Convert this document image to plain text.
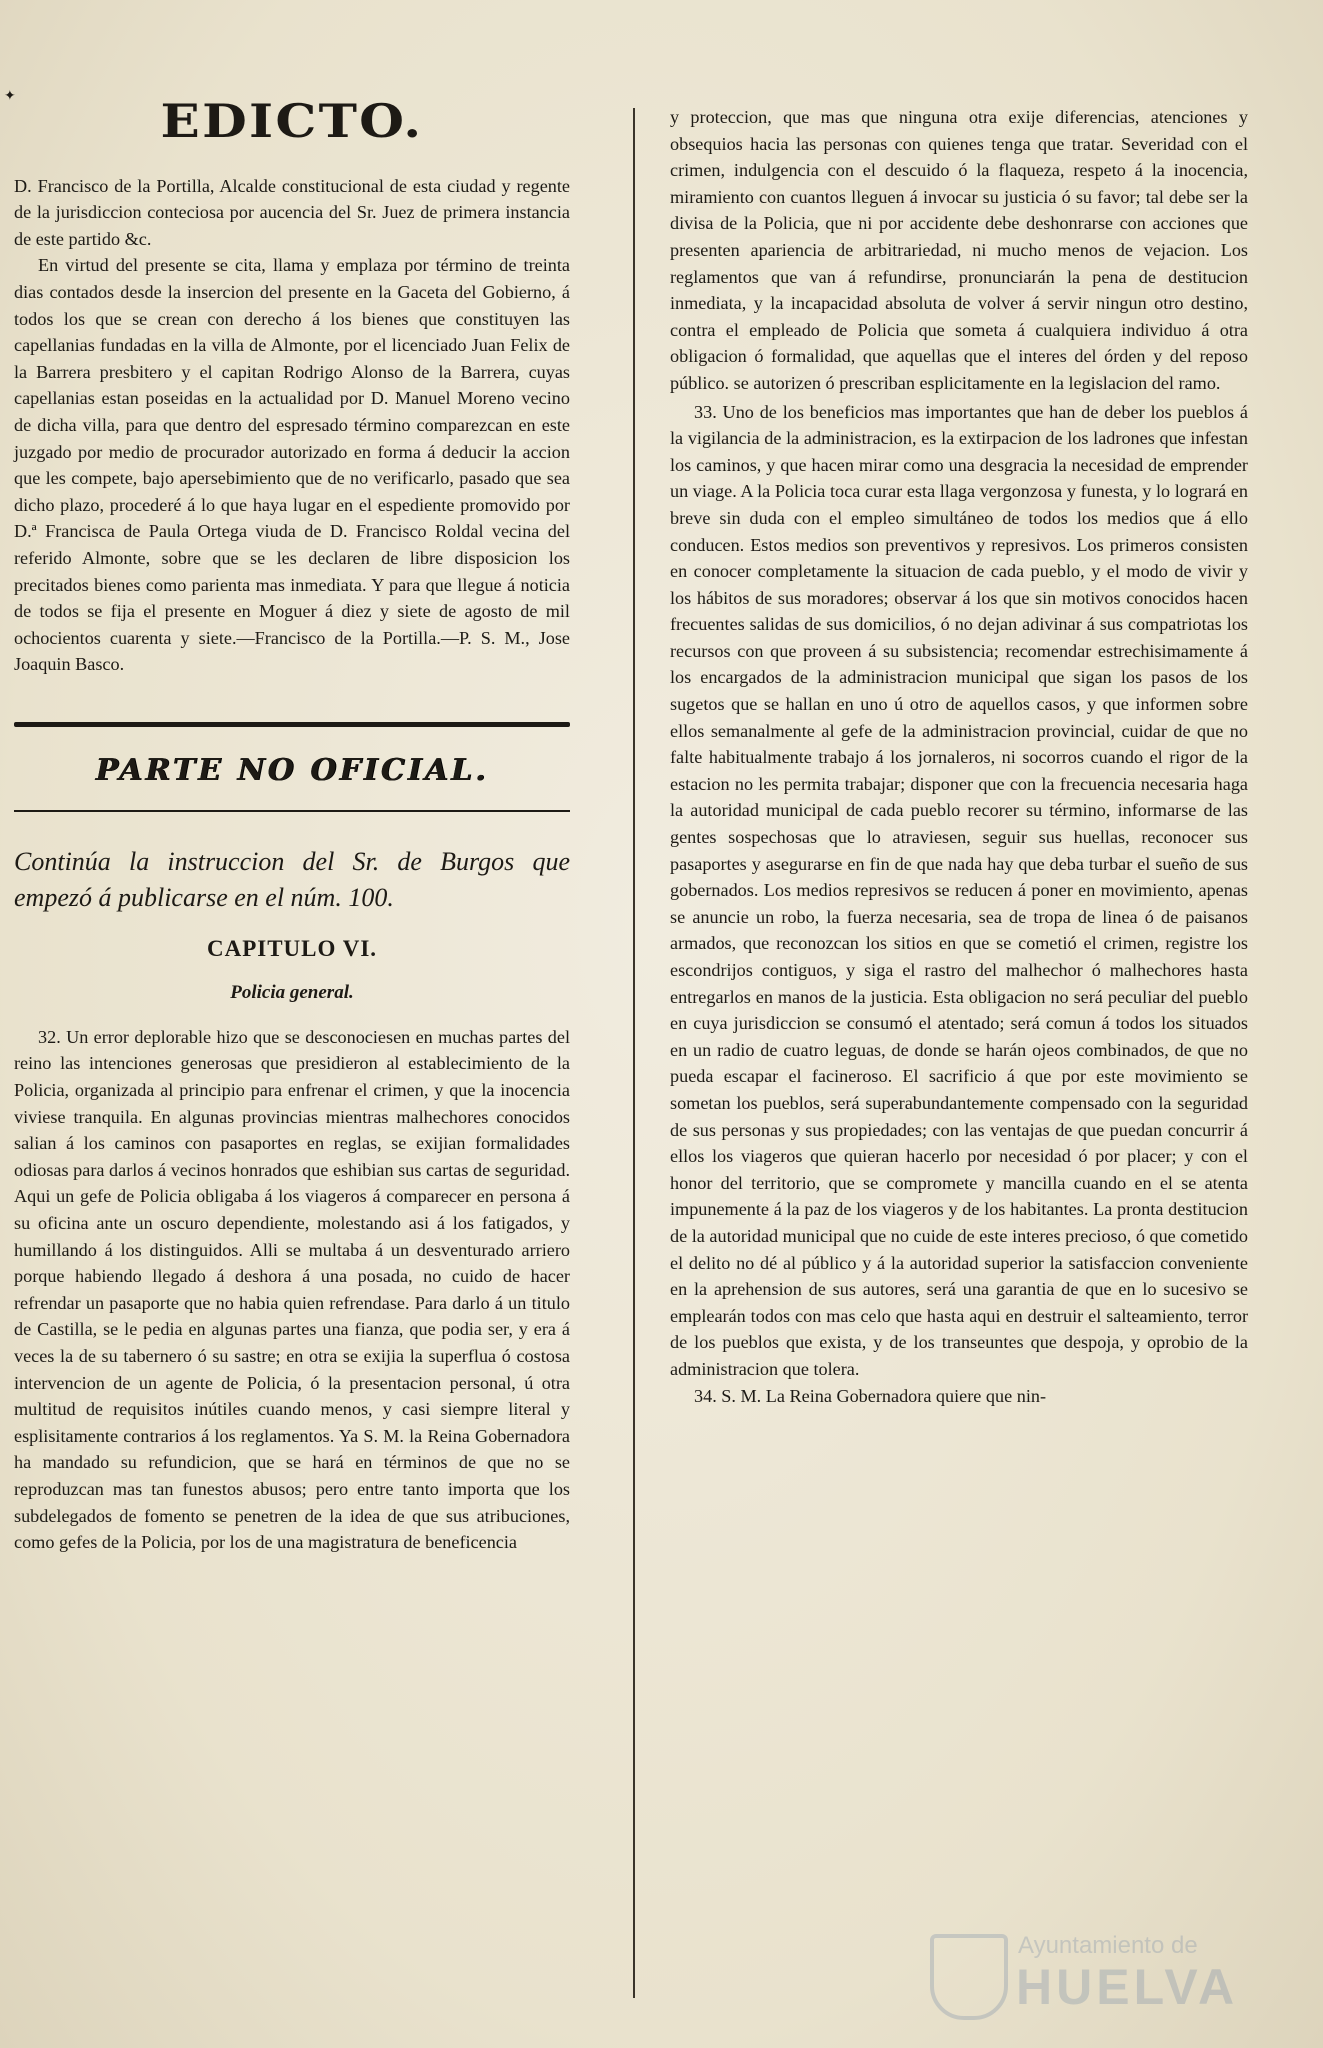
✦	EDICTO.

D. Francisco de la Portilla, Alcalde constitucional de esta ciudad y regente de la jurisdiccion conteciosa por aucencia del Sr. Juez de primera instancia de este partido &c.

En virtud del presente se cita, llama y emplaza por término de treinta dias contados desde la insercion del presente en la Gaceta del Gobierno, á todos los que se crean con derecho á los bienes que constituyen las capellanias fundadas en la villa de Almonte, por el licenciado Juan Felix de la Barrera presbitero y el capitan Rodrigo Alonso de la Barrera, cuyas capellanias estan poseidas en la actualidad por D. Manuel Moreno vecino de dicha villa, para que dentro del espresado término comparezcan en este juzgado por medio de procurador autorizado en forma á deducir la accion que les compete, bajo apersebimiento que de no verificarlo, pasado que sea dicho plazo, procederé á lo que haya lugar en el espediente promovido por D.ª Francisca de Paula Ortega viuda de D. Francisco Roldal vecina del referido Almonte, sobre que se les declaren de libre disposicion los precitados bienes como parienta mas inmediata. Y para que llegue á noticia de todos se fija el presente en Moguer á diez y siete de agosto de mil ochocientos cuarenta y siete.—Francisco de la Portilla.—P. S. M., Jose Joaquin Basco.

PARTE NO OFICIAL.

Continúa la instruccion del Sr. de Burgos que empezó á publicarse en el núm. 100.

CAPITULO VI.
Policia general.

32. Un error deplorable hizo que se desconociesen en muchas partes del reino las intenciones generosas que presidieron al establecimiento de la Policia, organizada al principio para enfrenar el crimen, y que la inocencia viviese tranquila. En algunas provincias mientras malhechores conocidos salian á los caminos con pasaportes en reglas, se exijian formalidades odiosas para darlos á vecinos honrados que eshibian sus cartas de seguridad. Aqui un gefe de Policia obligaba á los viageros á comparecer en persona á su oficina ante un oscuro dependiente, molestando asi á los fatigados, y humillando á los distinguidos. Alli se multaba á un desventurado arriero porque habiendo llegado á deshora á una posada, no cuido de hacer refrendar un pasaporte que no habia quien refrendase. Para darlo á un titulo de Castilla, se le pedia en algunas partes una fianza, que podia ser, y era á veces la de su tabernero ó su sastre; en otra se exijia la superflua ó costosa intervencion de un agente de Policia, ó la presentacion personal, ú otra multitud de requisitos inútiles cuando menos, y casi siempre literal y esplisitamente contrarios á los reglamentos. Ya S. M. la Reina Gobernadora ha mandado su refundicion, que se hará en términos de que no se reproduzcan mas tan funestos abusos; pero entre tanto importa que los subdelegados de fomento se penetren de la idea de que sus atribuciones, como gefes de la Policia, por los de una magistratura de beneficencia

y proteccion, que mas que ninguna otra exije diferencias, atenciones y obsequios hacia las personas con quienes tenga que tratar. Severidad con el crimen, indulgencia con el descuido ó la flaqueza, respeto á la inocencia, miramiento con cuantos lleguen á invocar su justicia ó su favor; tal debe ser la divisa de la Policia, que ni por accidente debe deshonrarse con acciones que presenten apariencia de arbitrariedad, ni mucho menos de vejacion. Los reglamentos que van á refundirse, pronunciarán la pena de destitucion inmediata, y la incapacidad absoluta de volver á servir ningun otro destino, contra el empleado de Policia que someta á cualquiera individuo á otra obligacion ó formalidad, que aquellas que el interes del órden y del reposo público. se autorizen ó prescriban esplicitamente en la legislacion del ramo.

33. Uno de los beneficios mas importantes que han de deber los pueblos á la vigilancia de la administracion, es la extirpacion de los ladrones que infestan los caminos, y que hacen mirar como una desgracia la necesidad de emprender un viage. A la Policia toca curar esta llaga vergonzosa y funesta, y lo logrará en breve sin duda con el empleo simultáneo de todos los medios que á ello conducen. Estos medios son preventivos y represivos. Los primeros consisten en conocer completamente la situacion de cada pueblo, y el modo de vivir y los hábitos de sus moradores; observar á los que sin motivos conocidos hacen frecuentes salidas de sus domicilios, ó no dejan adivinar á sus compatriotas los recursos con que proveen á su subsistencia; recomendar estrechisimamente á los encargados de la administracion municipal que sigan los pasos de los sugetos que se hallan en uno ú otro de aquellos casos, y que informen sobre ellos semanalmente al gefe de la administracion provincial, cuidar de que no falte habitualmente trabajo á los jornaleros, ni socorros cuando el rigor de la estacion no les permita trabajar; disponer que con la frecuencia necesaria haga la autoridad municipal de cada pueblo recorer su término, informarse de las gentes sospechosas que lo atraviesen, seguir sus huellas, reconocer sus pasaportes y asegurarse en fin de que nada hay que deba turbar el sueño de sus gobernados. Los medios represivos se reducen á poner en movimiento, apenas se anuncie un robo, la fuerza necesaria, sea de tropa de linea ó de paisanos armados, que reconozcan los sitios en que se cometió el crimen, registre los escondrijos contiguos, y siga el rastro del malhechor ó malhechores hasta entregarlos en manos de la justicia. Esta obligacion no será peculiar del pueblo en cuya jurisdiccion se consumó el atentado; será comun á todos los situados en un radio de cuatro leguas, de donde se harán ojeos combinados, de que no pueda escapar el facineroso. El sacrificio á que por este movimiento se sometan los pueblos, será superabundantemente compensado con la seguridad de sus personas y sus propiedades; con las ventajas de que puedan concurrir á ellos los viageros que quieran hacerlo por necesidad ó por placer; y con el honor del territorio, que se compromete y mancilla cuando en el se atenta impunemente á la paz de los viageros y de los habitantes. La pronta destitucion de la autoridad municipal que no cuide de este interes precioso, ó que cometido el delito no dé al público y á la autoridad superior la satisfaccion conveniente en la aprehension de sus autores, será una garantia de que en lo sucesivo se emplearán todos con mas celo que hasta aqui en destruir el salteamiento, terror de los pueblos que exista, y de los transeuntes que despoja, y oprobio de la administracion que tolera.

34. S. M. La Reina Gobernadora quiere que nin-

Ayuntamiento de
HUELVA
